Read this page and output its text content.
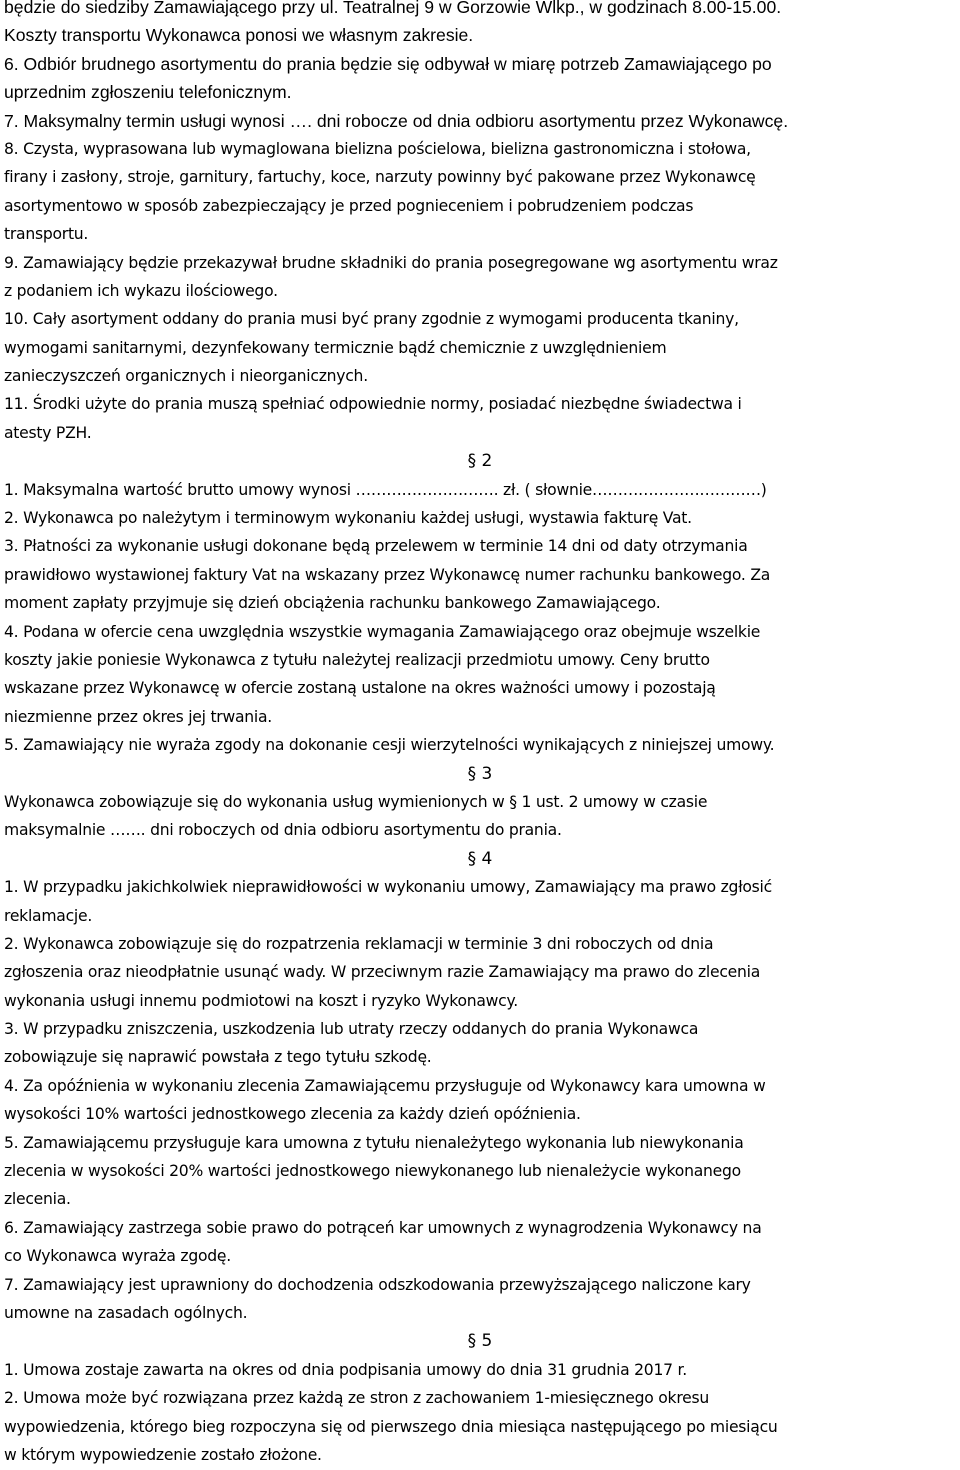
będzie do siedziby Zamawiającego przy ul. Teatralnej 9 w Gorzowie Wlkp., w godzinach 8.00-15.00.
Koszty transportu Wykonawca ponosi we własnym zakresie.
6. Odbiór brudnego asortymentu do prania będzie się odbywał w miarę potrzeb Zamawiającego po
uprzednim zgłoszeniu telefonicznym.
7. Maksymalny termin usługi wynosi …. dni robocze od dnia odbioru asortymentu przez Wykonawcę.
8. Czysta, wyprasowana lub wymaglowana bielizna pościelowa, bielizna gastronomiczna i stołowa,
firany i zasłony, stroje, garnitury, fartuchy, koce, narzuty powinny być pakowane przez Wykonawcę
asortymentowo w sposób zabezpieczający je przed pognieceniem i pobrudzeniem podczas
transportu.
9. Zamawiający będzie przekazywał brudne składniki do prania posegregowane wg asortymentu wraz
z podaniem ich wykazu ilościowego.
10. Cały asortyment oddany do prania musi być prany zgodnie z wymogami producenta tkaniny,
wymogami sanitarnymi, dezynfekowany termicznie bądź chemicznie z uwzględnieniem
zanieczyszczeń organicznych i nieorganicznych.
11. Środki użyte do prania muszą spełniać odpowiednie normy, posiadać niezbędne świadectwa i
atesty PZH.
§ 2
1. Maksymalna wartość brutto umowy wynosi ………………………. zł. ( słownie……………………………)
2. Wykonawca po należytym i terminowym wykonaniu każdej usługi, wystawia fakturę Vat.
3. Płatności za wykonanie usługi dokonane będą przelewem w terminie 14 dni od daty otrzymania
prawidłowo wystawionej faktury Vat na wskazany przez Wykonawcę numer rachunku bankowego. Za
moment zapłaty przyjmuje się dzień obciążenia rachunku bankowego Zamawiającego.
4. Podana w ofercie cena uwzględnia wszystkie wymagania Zamawiającego oraz obejmuje wszelkie
koszty jakie poniesie Wykonawca z tytułu należytej realizacji przedmiotu umowy. Ceny brutto
wskazane przez Wykonawcę w ofercie zostaną ustalone na okres ważności umowy i pozostają
niezmienne przez okres jej trwania.
5. Zamawiający nie wyraża zgody na dokonanie cesji wierzytelności wynikających z niniejszej umowy.
§ 3
Wykonawca zobowiązuje się do wykonania usług wymienionych w § 1 ust. 2 umowy w czasie
maksymalnie ……. dni roboczych od dnia odbioru asortymentu do prania.
§ 4
1. W przypadku jakichkolwiek nieprawidłowości w wykonaniu umowy, Zamawiający ma prawo zgłosić
reklamacje.
2. Wykonawca zobowiązuje się do rozpatrzenia reklamacji w terminie 3 dni roboczych od dnia
zgłoszenia oraz nieodpłatnie usunąć wady. W przeciwnym razie Zamawiający ma prawo do zlecenia
wykonania usługi innemu podmiotowi na koszt i ryzyko Wykonawcy.
3. W przypadku zniszczenia, uszkodzenia lub utraty rzeczy oddanych do prania Wykonawca
zobowiązuje się naprawić powstała z tego tytułu szkodę.
4. Za opóźnienia w wykonaniu zlecenia Zamawiającemu przysługuje od Wykonawcy kara umowna w
wysokości 10% wartości jednostkowego zlecenia za każdy dzień opóźnienia.
5. Zamawiającemu przysługuje kara umowna z tytułu nienależytego wykonania lub niewykonania
zlecenia w wysokości 20% wartości jednostkowego niewykonanego lub nienależycie wykonanego
zlecenia.
6. Zamawiający zastrzega sobie prawo do potrąceń kar umownych z wynagrodzenia Wykonawcy na
co Wykonawca wyraża zgodę.
7. Zamawiający jest uprawniony do dochodzenia odszkodowania przewyższającego naliczone kary
umowne na zasadach ogólnych.
§ 5
1. Umowa zostaje zawarta na okres od dnia podpisania umowy do dnia 31 grudnia 2017 r.
2. Umowa może być rozwiązana przez każdą ze stron z zachowaniem 1-miesięcznego okresu
wypowiedzenia, którego bieg rozpoczyna się od pierwszego dnia miesiąca następującego po miesiącu
w którym wypowiedzenie zostało złożone.
